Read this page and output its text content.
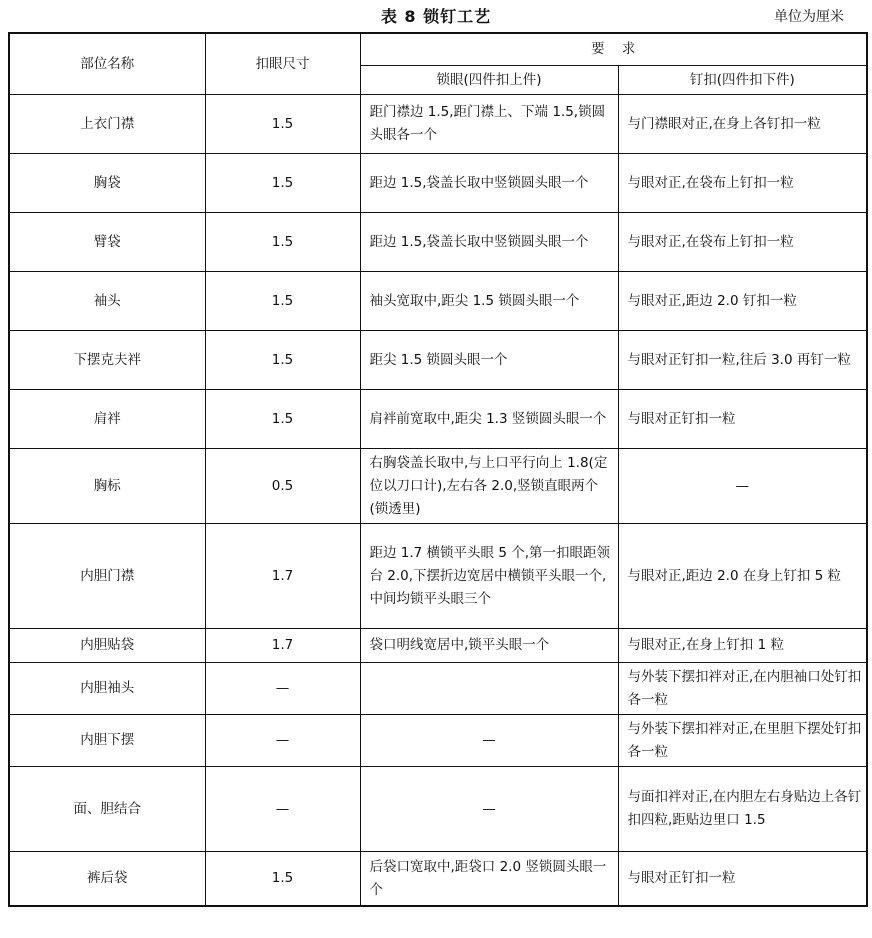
表 8 锁钉工艺	单位为厘米
部位名称	扣眼尺寸	要    求	
		锁眼(四件扣上件)	钉扣(四件扣下件)
上衣门襟	1.5	距门襟边 1.5,距门襟上、下端 1.5,锁圆头眼各一个	与门襟眼对正,在身上各钉扣一粒
胸袋	1.5	距边 1.5,袋盖长取中竖锁圆头眼一个	与眼对正,在袋布上钉扣一粒
臂袋	1.5	距边 1.5,袋盖长取中竖锁圆头眼一个	与眼对正,在袋布上钉扣一粒
袖头	1.5	袖头宽取中,距尖 1.5 锁圆头眼一个	与眼对正,距边 2.0 钉扣一粒
下摆克夫袢	1.5	距尖 1.5 锁圆头眼一个	与眼对正钉扣一粒,往后 3.0 再钉一粒
肩袢	1.5	肩袢前宽取中,距尖 1.3 竖锁圆头眼一个	与眼对正钉扣一粒
胸标	0.5	右胸袋盖长取中,与上口平行向上 1.8(定位以刀口计),左右各 2.0,竖锁直眼两个(锁透里)	—
内胆门襟	1.7	距边 1.7 横锁平头眼 5 个,第一扣眼距领台 2.0,下摆折边宽居中横锁平头眼一个,中间均锁平头眼三个	与眼对正,距边 2.0 在身上钉扣 5 粒
内胆贴袋	1.7	袋口明线宽居中,锁平头眼一个	与眼对正,在身上钉扣 1 粒
内胆袖头	—		与外装下摆扣袢对正,在内胆袖口处钉扣各一粒
内胆下摆	—	—	与外装下摆扣袢对正,在里胆下摆处钉扣各一粒
面、胆结合	—	—	与面扣袢对正,在内胆左右身贴边上各钉扣四粒,距贴边里口 1.5
裤后袋	1.5	后袋口宽取中,距袋口 2.0 竖锁圆头眼一个	与眼对正钉扣一粒
